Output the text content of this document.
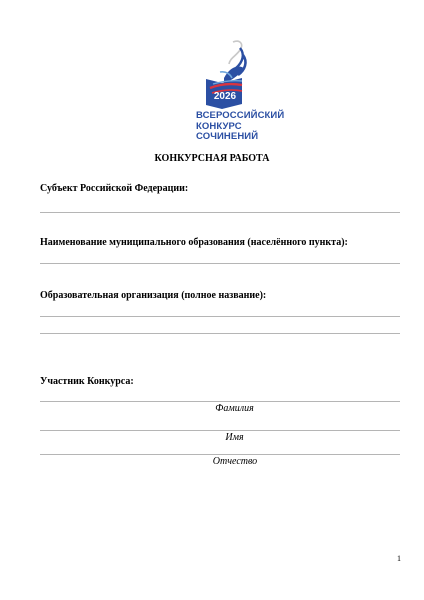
2026
ВСЕРОССИЙСКИЙ
КОНКУРС
СОЧИНЕНИЙ
КОНКУРСНАЯ РАБОТА
Субъект Российской Федерации:
Наименование муниципального образования (населённого пункта):
Образовательная организация (полное название):
Участник Конкурса:
Фамилия
Имя
Отчество
1
